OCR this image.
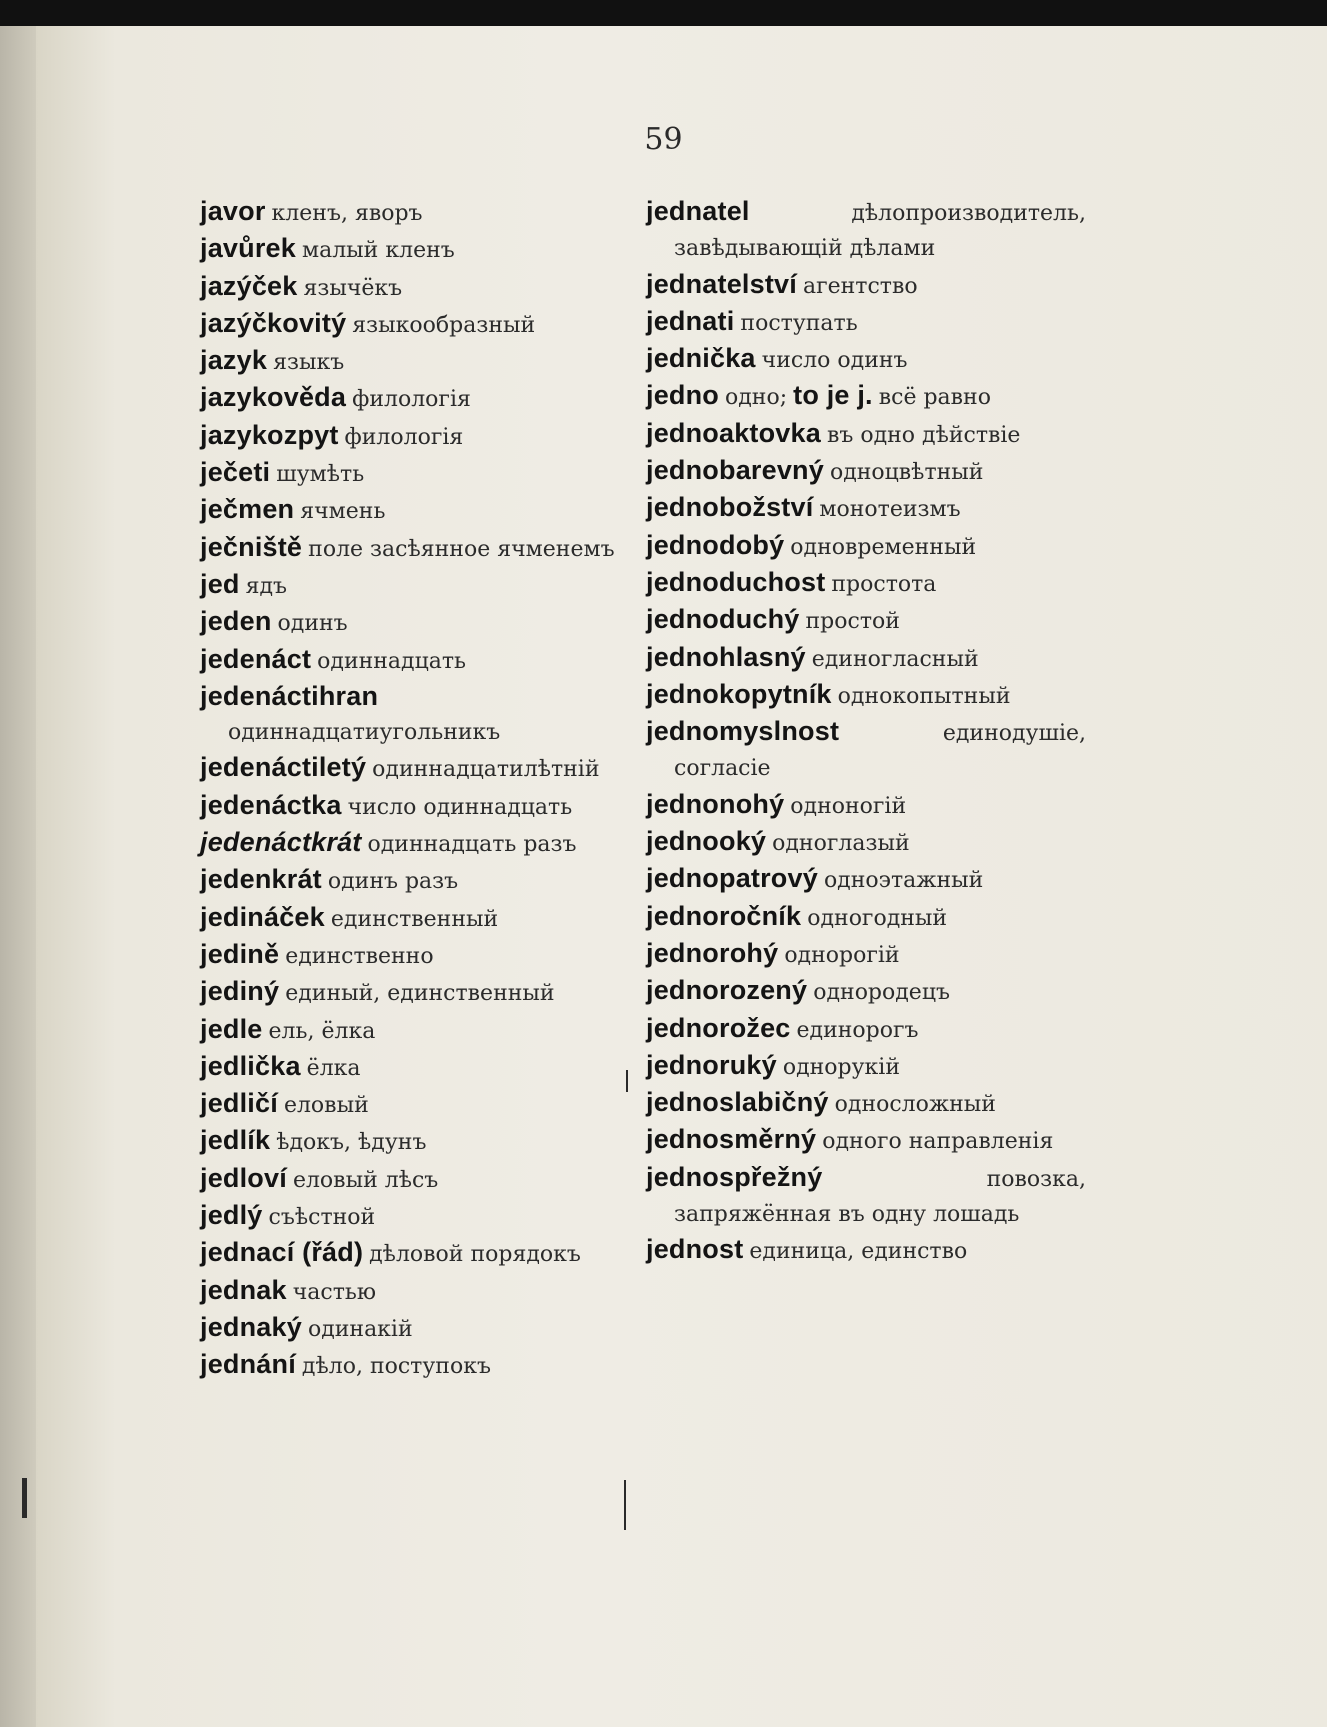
59

javor кленъ, яворъ

javůrek малый кленъ

jazýček язычёкъ

jazýčkovitý языкообразный

jazyk языкъ

jazykověda филологія

jazykozpyt филологія

ječeti шумѣть

ječmen ячмень

ječniště поле засѣянное ячменемъ

jed ядъ

jeden одинъ

jedenáct одиннадцать

jedenáctihran одиннадцатиугольникъ

jedenáctiletý одиннадцатилѣтній

jedenáctka число одиннадцать

jedenáctkrát одиннадцать разъ

jedenkrát одинъ разъ

jedináček единственный

jedině единственно

jediný единый, единственный

jedle ель, ёлка

jedlička ёлка

jedličí еловый

jedlík ѣдокъ, ѣдунъ

jedloví еловый лѣсъ

jedlý съѣстной

jednací (řád) дѣловой порядокъ

jednak частью

jednaký одинакій

jednání дѣло, поступокъ

jednatel	дѣлопроизводитель, завѣдывающій дѣлами

jednatelství агентство

jednati поступать

jednička число одинъ

jedno одно; to je j. всё равно

jednoaktovka въ одно дѣйствіе

jednobarevný одноцвѣтный

jednobožství монотеизмъ

jednodobý одновременный

jednoduchost простота

jednoduchý простой

jednohlasný единогласный

jednokopytník однокопытный

jednomyslnost	единодушіе, согласіе

jednonohý одноногій

jednooký одноглазый

jednopatrový одноэтажный

jednoročník одногодный

jednorohý однорогій

jednorozený однородецъ

jednorožec единорогъ

jednoruký однорукій

jednoslabičný односложный

jednosměrný одного направленія

jednospřežný	повозка, запряжённая въ одну лошадь

jednost единица, единство
